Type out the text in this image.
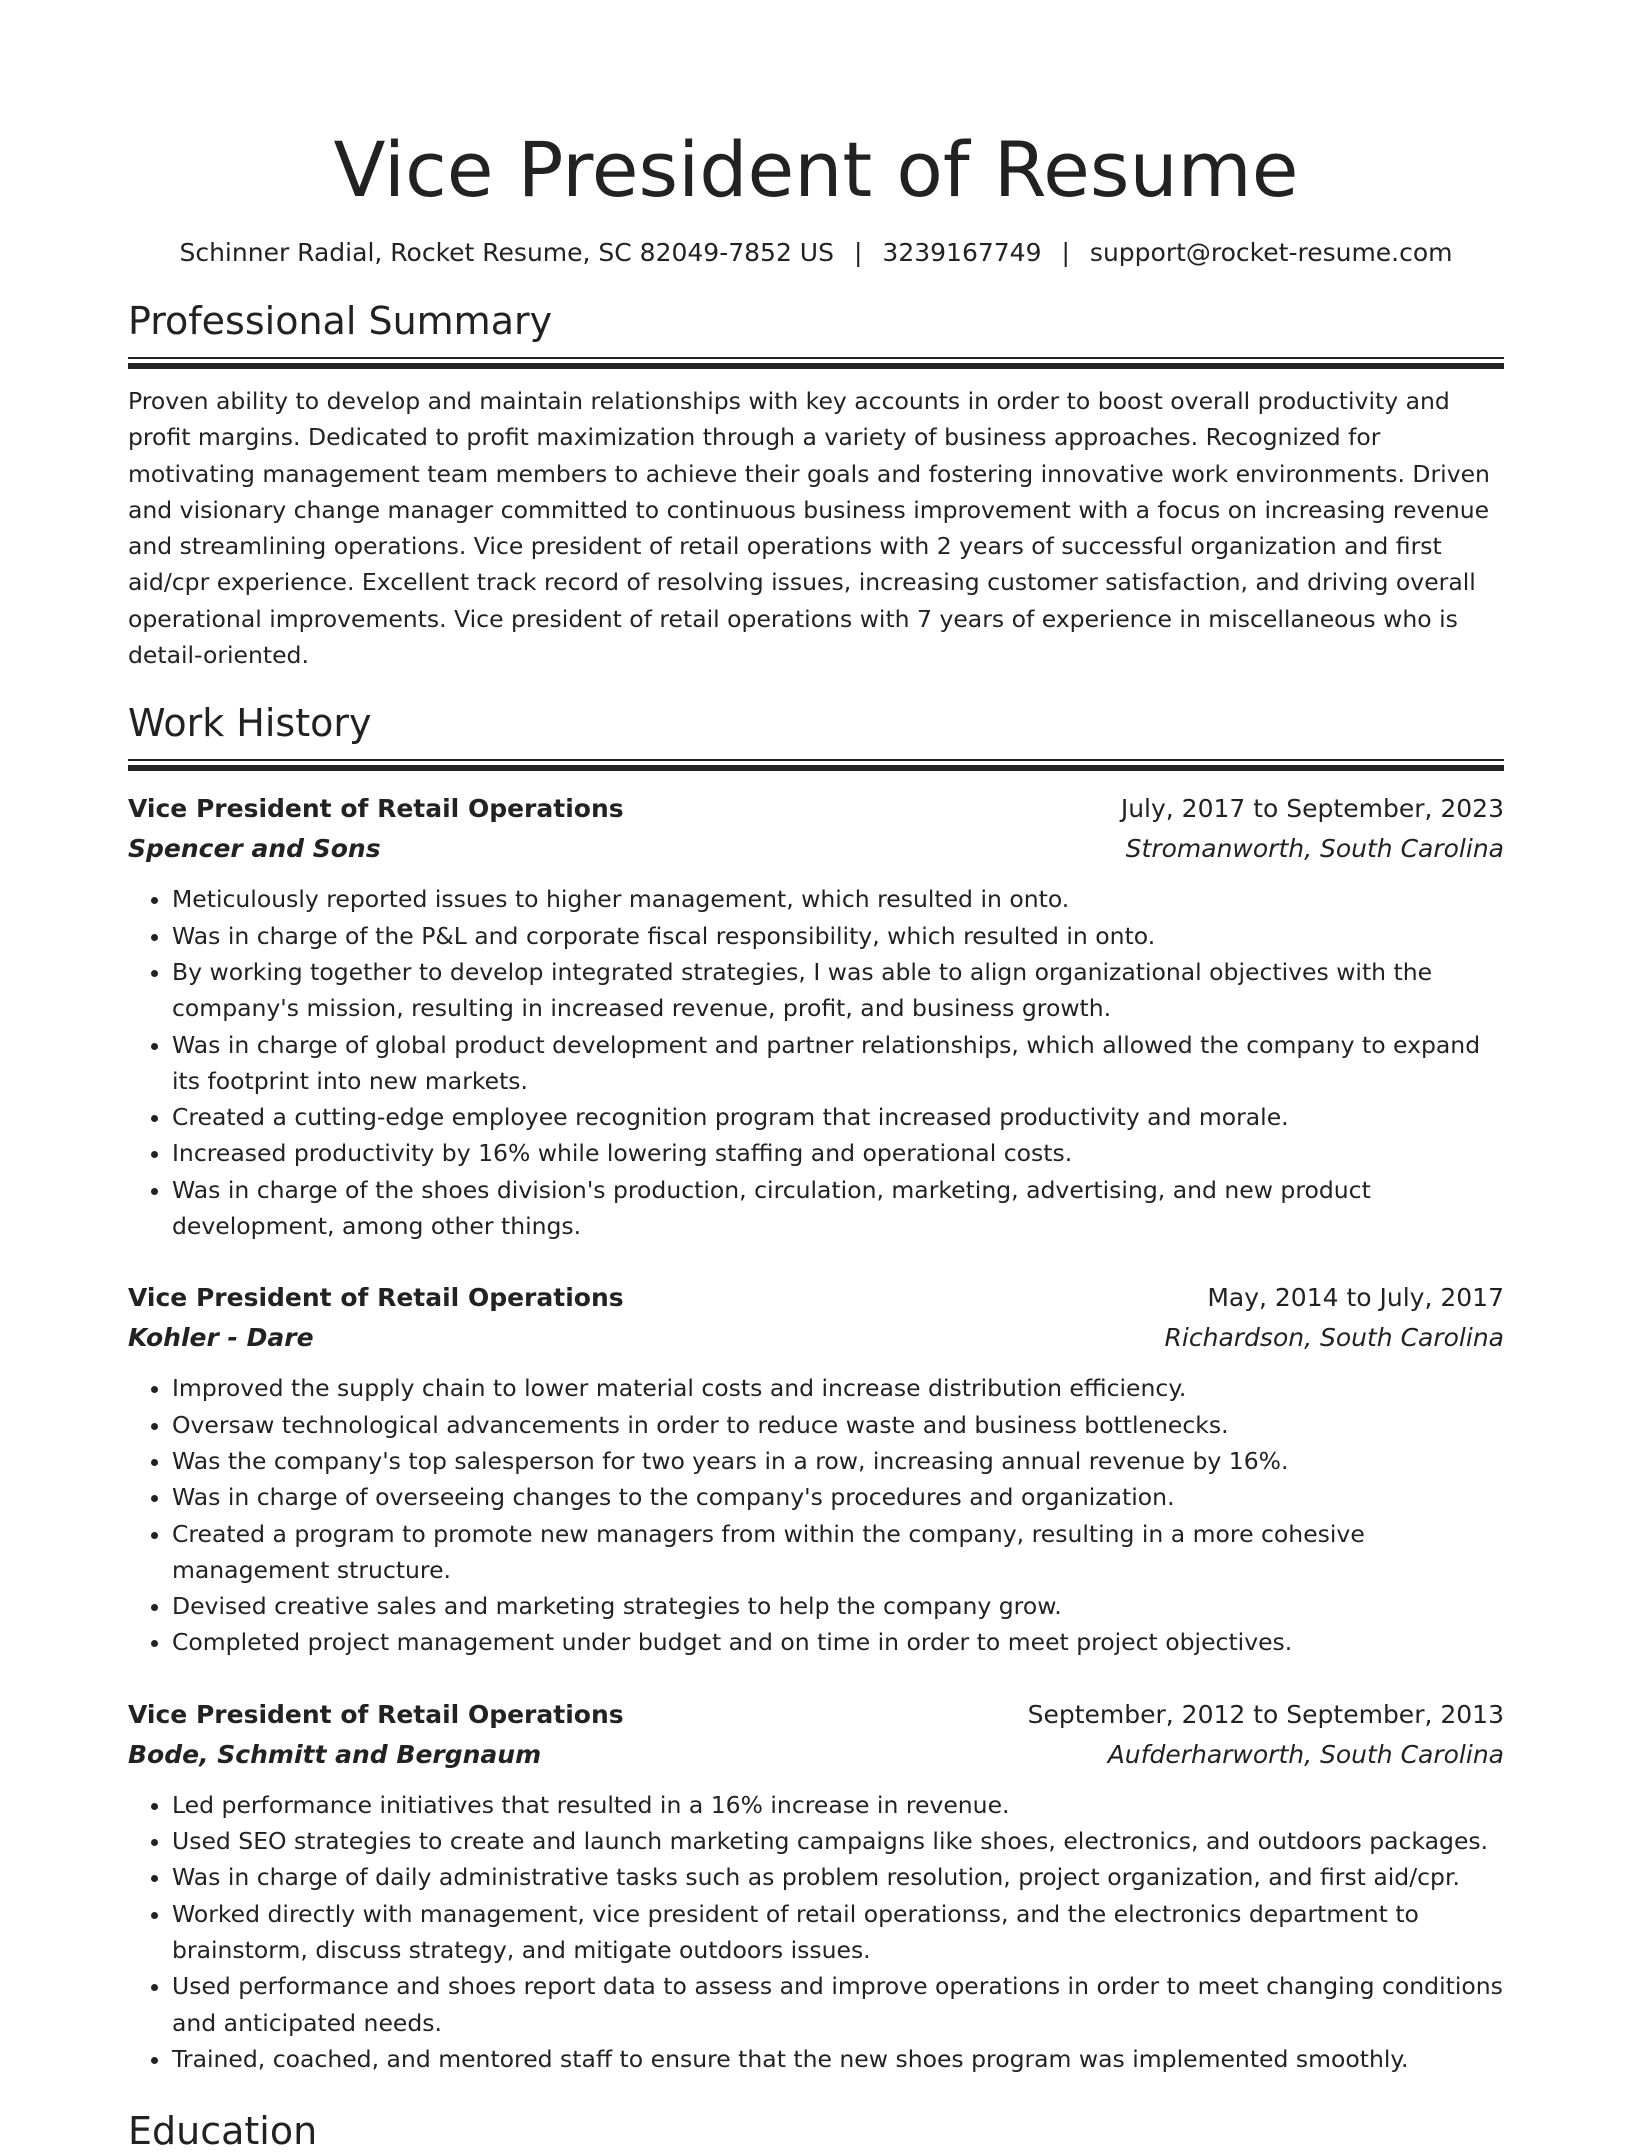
Vice President of Resume
Schinner Radial, Rocket Resume, SC 82049-7852 US | 3239167749 | support@rocket-resume.com
Professional Summary

Proven ability to develop and maintain relationships with key accounts in order to boost overall productivity and profit margins. Dedicated to profit maximization through a variety of business approaches. Recognized for motivating management team members to achieve their goals and fostering innovative work environments. Driven and visionary change manager committed to continuous business improvement with a focus on increasing revenue and streamlining operations. Vice president of retail operations with 2 years of successful organization and first aid/cpr experience. Excellent track record of resolving issues, increasing customer satisfaction, and driving overall operational improvements. Vice president of retail operations with 7 years of experience in miscellaneous who is detail-oriented.

Work History
Vice President of Retail Operations	July, 2017 to September, 2023
Spencer and Sons	Stromanworth, South Carolina
• Meticulously reported issues to higher management, which resulted in onto.
• Was in charge of the P&L and corporate fiscal responsibility, which resulted in onto.
• By working together to develop integrated strategies, I was able to align organizational objectives with the company's mission, resulting in increased revenue, profit, and business growth.
• Was in charge of global product development and partner relationships, which allowed the company to expand its footprint into new markets.
• Created a cutting-edge employee recognition program that increased productivity and morale.
• Increased productivity by 16% while lowering staffing and operational costs.
• Was in charge of the shoes division's production, circulation, marketing, advertising, and new product development, among other things.
Vice President of Retail Operations	May, 2014 to July, 2017
Kohler - Dare	Richardson, South Carolina
• Improved the supply chain to lower material costs and increase distribution efficiency.
• Oversaw technological advancements in order to reduce waste and business bottlenecks.
• Was the company's top salesperson for two years in a row, increasing annual revenue by 16%.
• Was in charge of overseeing changes to the company's procedures and organization.
• Created a program to promote new managers from within the company, resulting in a more cohesive management structure.
• Devised creative sales and marketing strategies to help the company grow.
• Completed project management under budget and on time in order to meet project objectives.
Vice President of Retail Operations	September, 2012 to September, 2013
Bode, Schmitt and Bergnaum	Aufderharworth, South Carolina
• Led performance initiatives that resulted in a 16% increase in revenue.
• Used SEO strategies to create and launch marketing campaigns like shoes, electronics, and outdoors packages.
• Was in charge of daily administrative tasks such as problem resolution, project organization, and first aid/cpr.
• Worked directly with management, vice president of retail operationss, and the electronics department to brainstorm, discuss strategy, and mitigate outdoors issues.
• Used performance and shoes report data to assess and improve operations in order to meet changing conditions and anticipated needs.
• Trained, coached, and mentored staff to ensure that the new shoes program was implemented smoothly.
Education
